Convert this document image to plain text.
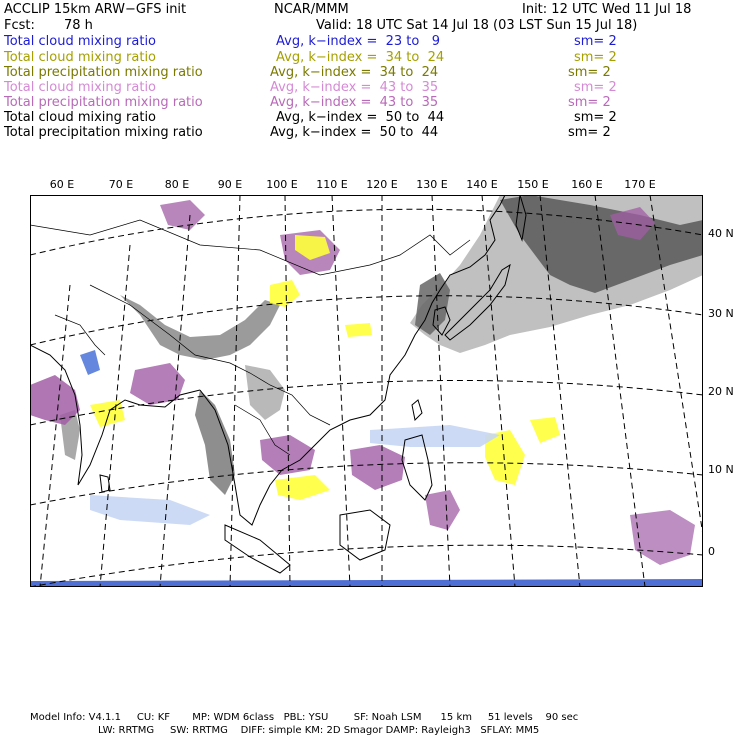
ACCLIP 15km ARW−GFS init	NCAR/MMM	Init: 12 UTC Wed 11 Jul 18
Fcst: 78 h	Valid: 18 UTC Sat 14 Jul 18 (03 LST Sun 15 Jul 18)
Total cloud mixing ratio	Avg, k−index =  23 to   9	sm= 2
Total cloud mixing ratio	Avg, k−index =  34 to  24	sm= 2
Total precipitation mixing ratio	Avg, k−index =  34 to  24	sm= 2
Total cloud mixing ratio	Avg, k−index =  43 to  35	sm= 2
Total precipitation mixing ratio	Avg, k−index =  43 to  35	sm= 2
Total cloud mixing ratio	Avg, k−index =  50 to  44	sm= 2
Total precipitation mixing ratio	Avg, k−index =  50 to  44	sm= 2
60 E	70 E	80 E	90 E 100 E 110 E 120 E 130 E 140 E 150 E 160 E 170 E
40 N
30 N
20 N
10 N
0
Model Info: V4.1.1     CU: KF       MP: WDM 6class   PBL: YSU        SF: Noah LSM      15 km     51 levels    90 sec
LW: RRTMG     SW: RRTMG    DIFF: simple KM: 2D Smagor DAMP: Rayleigh3   SFLAY: MM5
